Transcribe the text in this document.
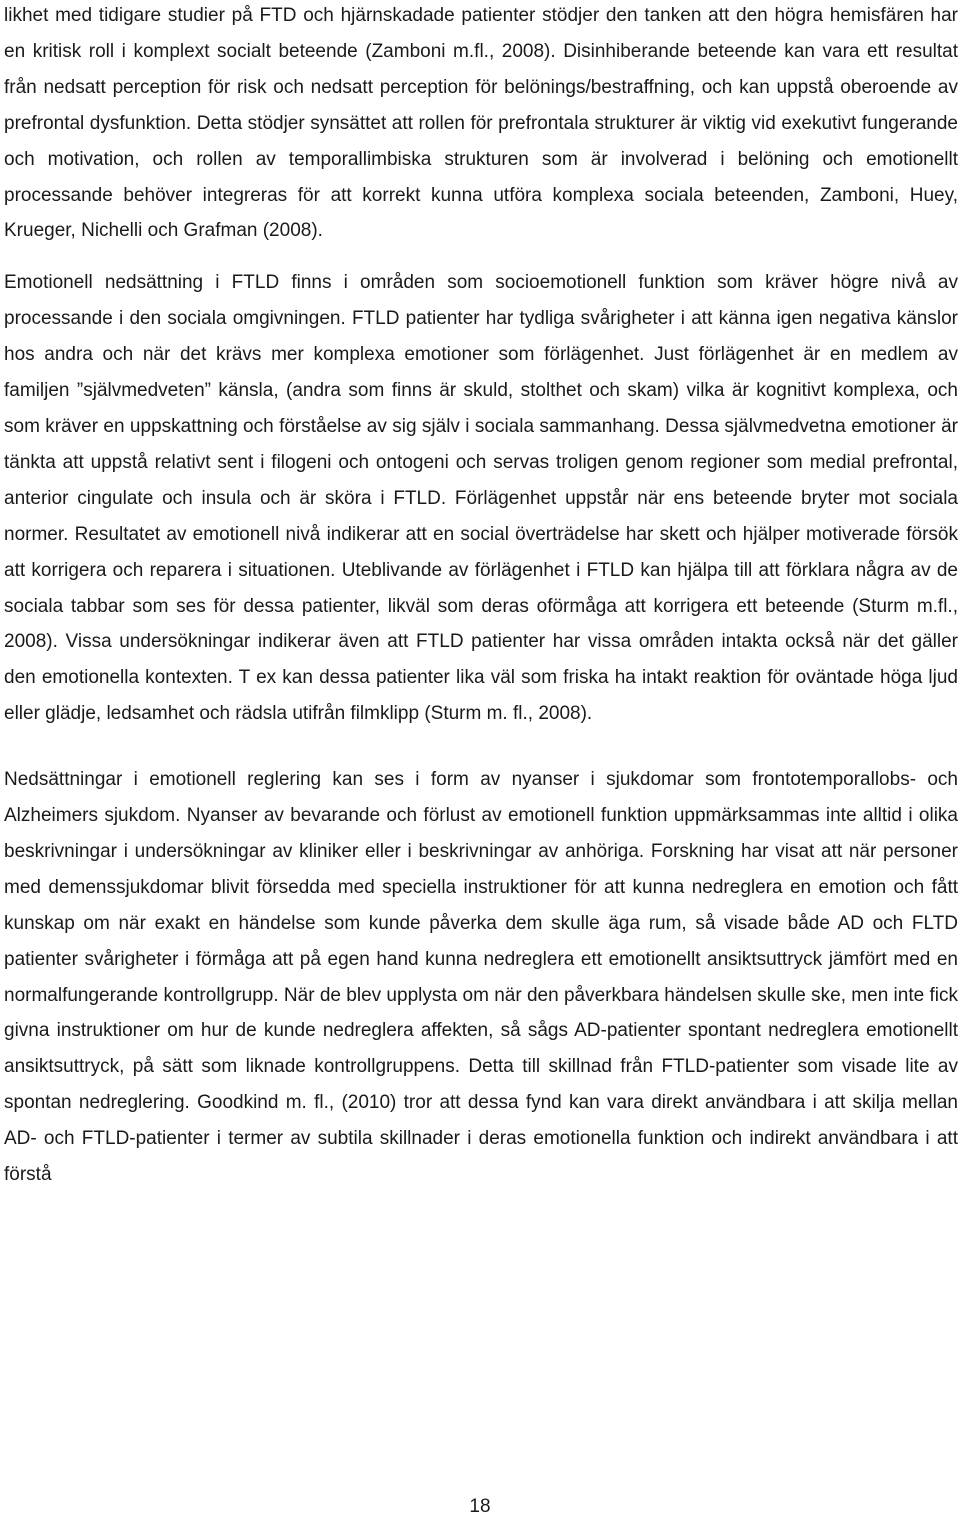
likhet med tidigare studier på FTD och hjärnskadade patienter stödjer den tanken att den högra hemisfären har en kritisk roll i komplext socialt beteende (Zamboni m.fl., 2008). Disinhiberande beteende kan vara ett resultat från nedsatt perception för risk och nedsatt perception för belönings/bestraffning, och kan uppstå oberoende av prefrontal dysfunktion. Detta stödjer synsättet att rollen för prefrontala strukturer är viktig vid exekutivt fungerande och motivation, och rollen av temporallimbiska strukturen som är involverad i belöning och emotionellt processande behöver integreras för att korrekt kunna utföra komplexa sociala beteenden, Zamboni, Huey, Krueger, Nichelli och Grafman (2008).

Emotionell nedsättning i FTLD finns i områden som socioemotionell funktion som kräver högre nivå av processande i den sociala omgivningen. FTLD patienter har tydliga svårigheter i att känna igen negativa känslor hos andra och när det krävs mer komplexa emotioner som förlägenhet. Just förlägenhet är en medlem av familjen ”självmedveten” känsla, (andra som finns är skuld, stolthet och skam) vilka är kognitivt komplexa, och som kräver en uppskattning och förståelse av sig själv i sociala sammanhang. Dessa självmedvetna emotioner är tänkta att uppstå relativt sent i filogeni och ontogeni och servas troligen genom regioner som medial prefrontal, anterior cingulate och insula och är sköra i FTLD. Förlägenhet uppstår när ens beteende bryter mot sociala normer. Resultatet av emotionell nivå indikerar att en social överträdelse har skett och hjälper motiverade försök att korrigera och reparera i situationen. Uteblivande av förlägenhet i FTLD kan hjälpa till att förklara några av de sociala tabbar som ses för dessa patienter, likväl som deras oförmåga att korrigera ett beteende (Sturm m.fl., 2008). Vissa undersökningar indikerar även att FTLD patienter har vissa områden intakta också när det gäller den emotionella kontexten. T ex kan dessa patienter lika väl som friska ha intakt reaktion för oväntade höga ljud eller glädje, ledsamhet och rädsla utifrån filmklipp (Sturm m. fl., 2008).

Nedsättningar i emotionell reglering kan ses i form av nyanser i sjukdomar som frontotemporallobs- och Alzheimers sjukdom. Nyanser av bevarande och förlust av emotionell funktion uppmärksammas inte alltid i olika beskrivningar i undersökningar av kliniker eller i beskrivningar av anhöriga. Forskning har visat att när personer med demenssjukdomar blivit försedda med speciella instruktioner för att kunna nedreglera en emotion och fått kunskap om när exakt en händelse som kunde påverka dem skulle äga rum, så visade både AD och FLTD patienter svårigheter i förmåga att på egen hand kunna nedreglera ett emotionellt ansiktsuttryck jämfört med en normalfungerande kontrollgrupp. När de blev upplysta om när den påverkbara händelsen skulle ske, men inte fick givna instruktioner om hur de kunde nedreglera affekten, så sågs AD-patienter spontant nedreglera emotionellt ansiktsuttryck, på sätt som liknade kontrollgruppens. Detta till skillnad från FTLD-patienter som visade lite av spontan nedreglering. Goodkind m. fl., (2010) tror att dessa fynd kan vara direkt användbara i att skilja mellan AD- och FTLD-patienter i termer av subtila skillnader i deras emotionella funktion och indirekt användbara i att förstå

18
